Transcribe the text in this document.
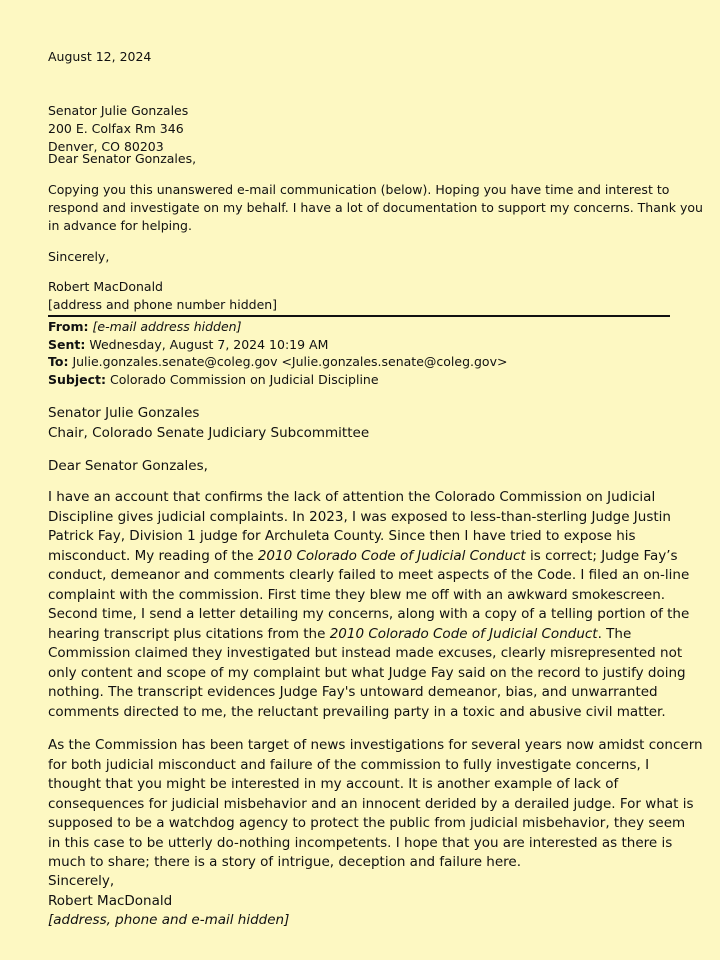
August 12, 2024

Senator Julie Gonzales
200 E. Colfax Rm 346
Denver, CO 80203

Dear Senator Gonzales,

Copying you this unanswered e-mail communication (below). Hoping you have time and interest to
respond and investigate on my behalf. I have a lot of documentation to support my concerns. Thank you
in advance for helping.

Sincerely,

Robert MacDonald
[address and phone number hidden]
From: [e-mail address hidden]
Sent: Wednesday, August 7, 2024 10:19 AM
To: Julie.gonzales.senate@coleg.gov <Julie.gonzales.senate@coleg.gov>
Subject: Colorado Commission on Judicial Discipline
Senator Julie Gonzales
Chair, Colorado Senate Judiciary Subcommittee

Dear Senator Gonzales,

I have an account that confirms the lack of attention the Colorado Commission on Judicial
Discipline gives judicial complaints. In 2023, I was exposed to less-than-sterling Judge Justin
Patrick Fay, Division 1 judge for Archuleta County. Since then I have tried to expose his
misconduct. My reading of the 2010 Colorado Code of Judicial Conduct is correct; Judge Fay’s
conduct, demeanor and comments clearly failed to meet aspects of the Code. I filed an on-line
complaint with the commission. First time they blew me off with an awkward smokescreen.
Second time, I send a letter detailing my concerns, along with a copy of a telling portion of the
hearing transcript plus citations from the 2010 Colorado Code of Judicial Conduct. The
Commission claimed they investigated but instead made excuses, clearly misrepresented not
only content and scope of my complaint but what Judge Fay said on the record to justify doing
nothing. The transcript evidences Judge Fay's untoward demeanor, bias, and unwarranted
comments directed to me, the reluctant prevailing party in a toxic and abusive civil matter.
As the Commission has been target of news investigations for several years now amidst concern
for both judicial misconduct and failure of the commission to fully investigate concerns, I
thought that you might be interested in my account. It is another example of lack of
consequences for judicial misbehavior and an innocent derided by a derailed judge. For what is
supposed to be a watchdog agency to protect the public from judicial misbehavior, they seem
in this case to be utterly do-nothing incompetents. I hope that you are interested as there is
much to share; there is a story of intrigue, deception and failure here.
Sincerely,
Robert MacDonald
[address, phone and e-mail hidden]
